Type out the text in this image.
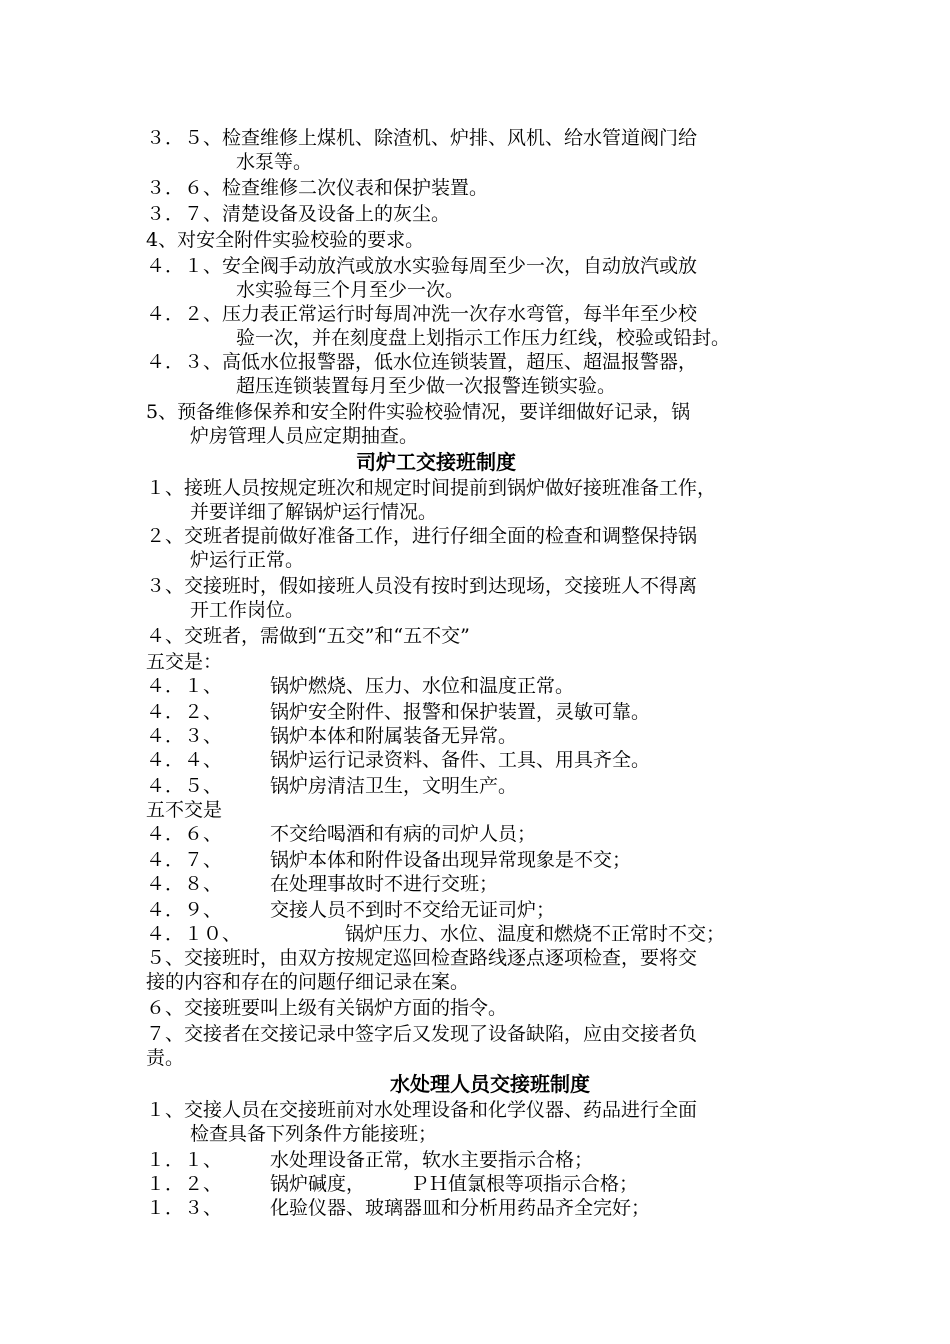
３．５、检查维修上煤机、除渣机、炉排、风机、给水管道阀门给
水泵等。
３．６、检查维修二次仪表和保护装置。
３．７、清楚设备及设备上的灰尘。
4、对安全附件实验校验的要求。
４．１、安全阀手动放汽或放水实验每周至少一次，自动放汽或放
水实验每三个月至少一次。
４．２、压力表正常运行时每周冲洗一次存水弯管，每半年至少校
验一次，并在刻度盘上划指示工作压力红线，校验或铅封。
４．３、高低水位报警器，低水位连锁装置，超压、超温报警器，
超压连锁装置每月至少做一次报警连锁实验。
5、预备维修保养和安全附件实验校验情况，要详细做好记录，锅
炉房管理人员应定期抽查。
司炉工交接班制度
１、接班人员按规定班次和规定时间提前到锅炉做好接班准备工作，
并要详细了解锅炉运行情况。
２、交班者提前做好准备工作，进行仔细全面的检查和调整保持锅
炉运行正常。
３、交接班时，假如接班人员没有按时到达现场，交接班人不得离
开工作岗位。
４、交班者，需做到“五交”和“五不交”
五交是：
４．１、	锅炉燃烧、压力、水位和温度正常。
４．２、	锅炉安全附件、报警和保护装置，灵敏可靠。
４．３、	锅炉本体和附属装备无异常。
４．４、	锅炉运行记录资料、备件、工具、用具齐全。
４．５、	锅炉房清洁卫生，文明生产。
五不交是
４．６、	不交给喝酒和有病的司炉人员；
４．７、	锅炉本体和附件设备出现异常现象是不交；
４．８、	在处理事故时不进行交班；
４．９、	交接人员不到时不交给无证司炉；
４．１０、	锅炉压力、水位、温度和燃烧不正常时不交；
５、交接班时，由双方按规定巡回检查路线逐点逐项检查，要将交
接的内容和存在的问题仔细记录在案。
６、交接班要叫上级有关锅炉方面的指令。
７、交接者在交接记录中签字后又发现了设备缺陷，应由交接者负
责。
水处理人员交接班制度
１、交接人员在交接班前对水处理设备和化学仪器、药品进行全面
检查具备下列条件方能接班；
１．１、	水处理设备正常，软水主要指示合格；
１．２、	锅炉碱度， ＰＨ值氯根等项指示合格；
１．３、	化验仪器、玻璃器皿和分析用药品齐全完好；
